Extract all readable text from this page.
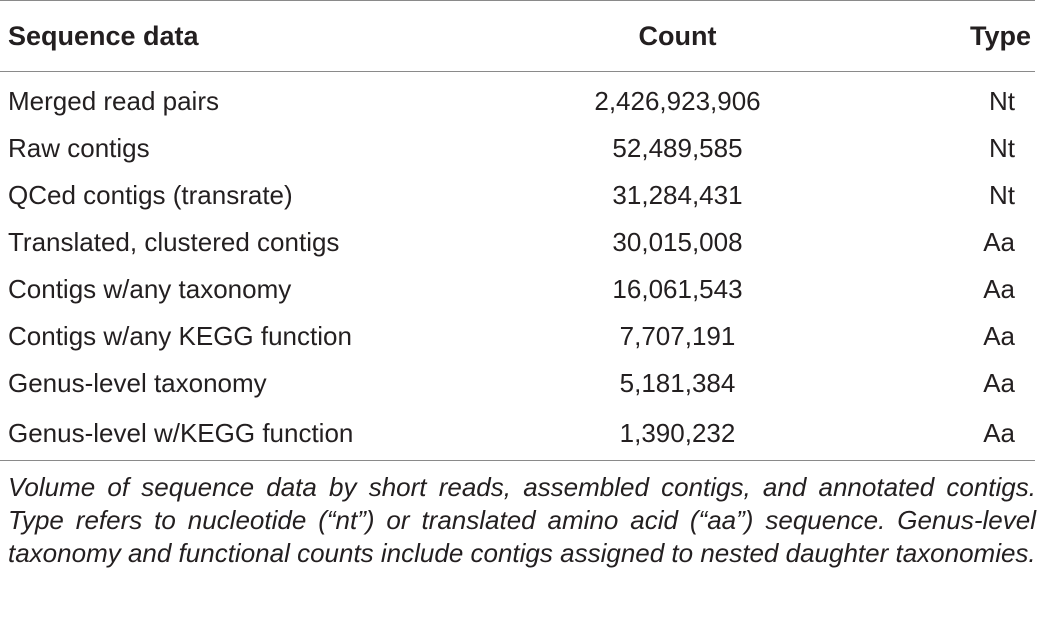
Sequence data	Count	Type
Merged read pairs	2,426,923,906	Nt
Raw contigs	52,489,585	Nt
QCed contigs (transrate)	31,284,431	Nt
Translated, clustered contigs	30,015,008	Aa
Contigs w/any taxonomy	16,061,543	Aa
Contigs w/any KEGG function	7,707,191	Aa
Genus-level taxonomy	5,181,384	Aa
Genus-level w/KEGG function	1,390,232	Aa

Volume of sequence data by short reads, assembled contigs, and annotated contigs. Type refers to nucleotide (“nt”) or translated amino acid (“aa”) sequence. Genus-level taxonomy and functional counts include contigs assigned to nested daughter taxonomies.
